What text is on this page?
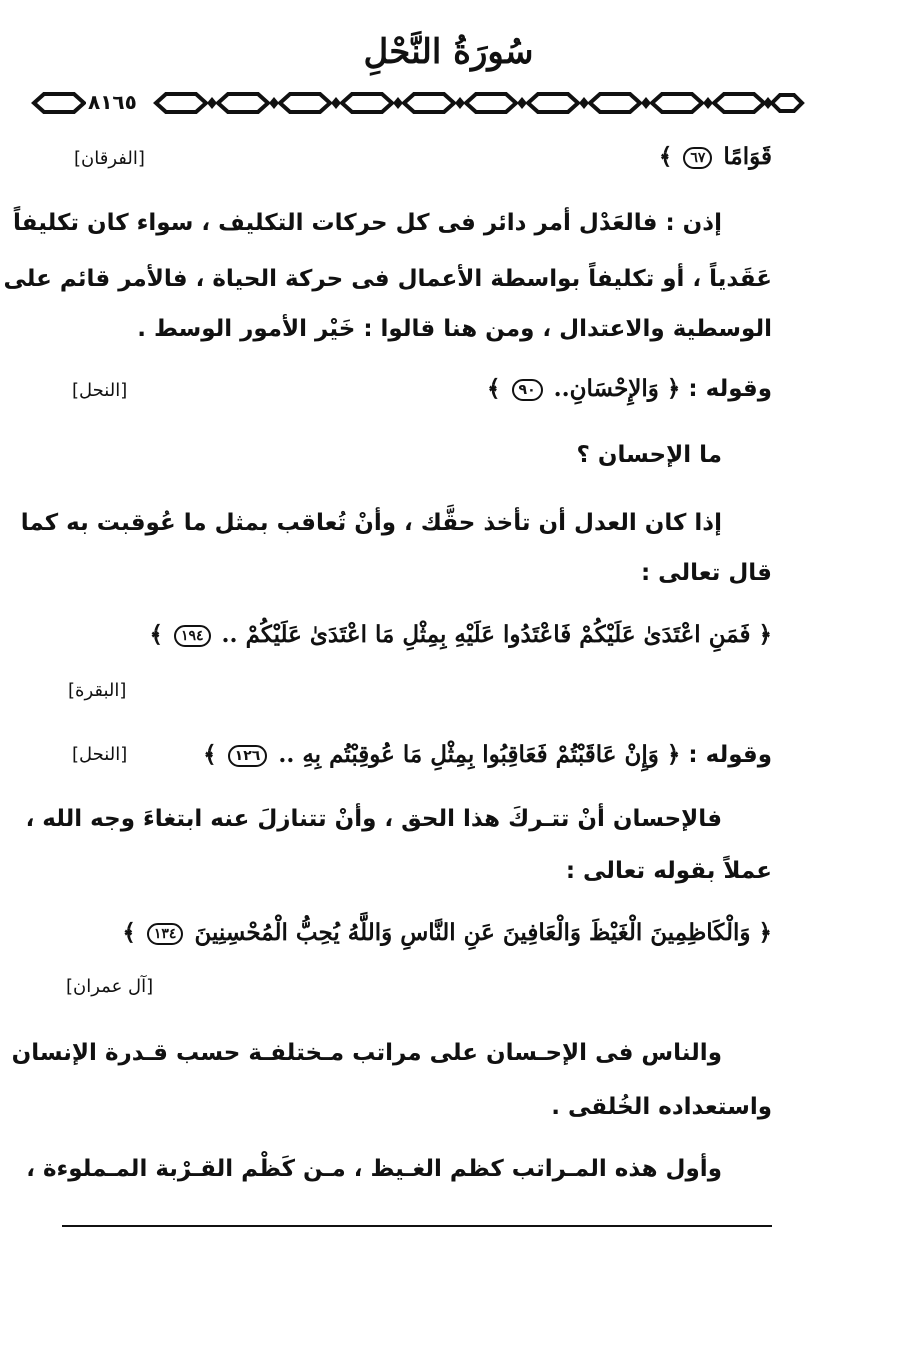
سُورَةُ النَّحْلِ
٨١٦٥
قَوَامًا ٦٧ ﴾
[الفرقان]
إذن : فالعَدْل أمر دائر فى كل حركات التكليف ، سواء كان تكليفاً
عَقَدياً ، أو تكليفاً بواسطة الأعمال فى حركة الحياة ، فالأمر قائم على
الوسطية والاعتدال ، ومن هنا قالوا : خَيْر الأمور الوسط .
وقوله : ﴿ وَالإِحْسَانِ.. ٩٠ ﴾
[النحل]
ما الإحسان ؟
إذا كان العدل أن تأخذ حقَّك ، وأنْ تُعاقب بمثل ما عُوقبت به كما
قال تعالى :
﴿ فَمَنِ اعْتَدَىٰ عَلَيْكُمْ فَاعْتَدُوا عَلَيْهِ بِمِثْلِ مَا اعْتَدَىٰ عَلَيْكُمْ .. ١٩٤ ﴾
[البقرة]
وقوله : ﴿ وَإِنْ عَاقَبْتُمْ فَعَاقِبُوا بِمِثْلِ مَا عُوقِبْتُم بِهِ .. ١٢٦ ﴾
[النحل]
فالإحسان أنْ تتـركَ هذا الحق ، وأنْ تتنازلَ عنه ابتغاءَ وجه الله ،
عملاً بقوله تعالى :
﴿ وَالْكَاظِمِينَ الْغَيْظَ وَالْعَافِينَ عَنِ النَّاسِ وَاللَّهُ يُحِبُّ الْمُحْسِنِينَ ١٣٤ ﴾
[آل عمران]
والناس فى الإحـسان على مراتب مـختلفـة حسب قـدرة الإنسان
واستعداده الخُلقى .
وأول هذه المـراتب كظم الغـيظ ، مـن كَظْم القـرْبة المـملوءة ،
